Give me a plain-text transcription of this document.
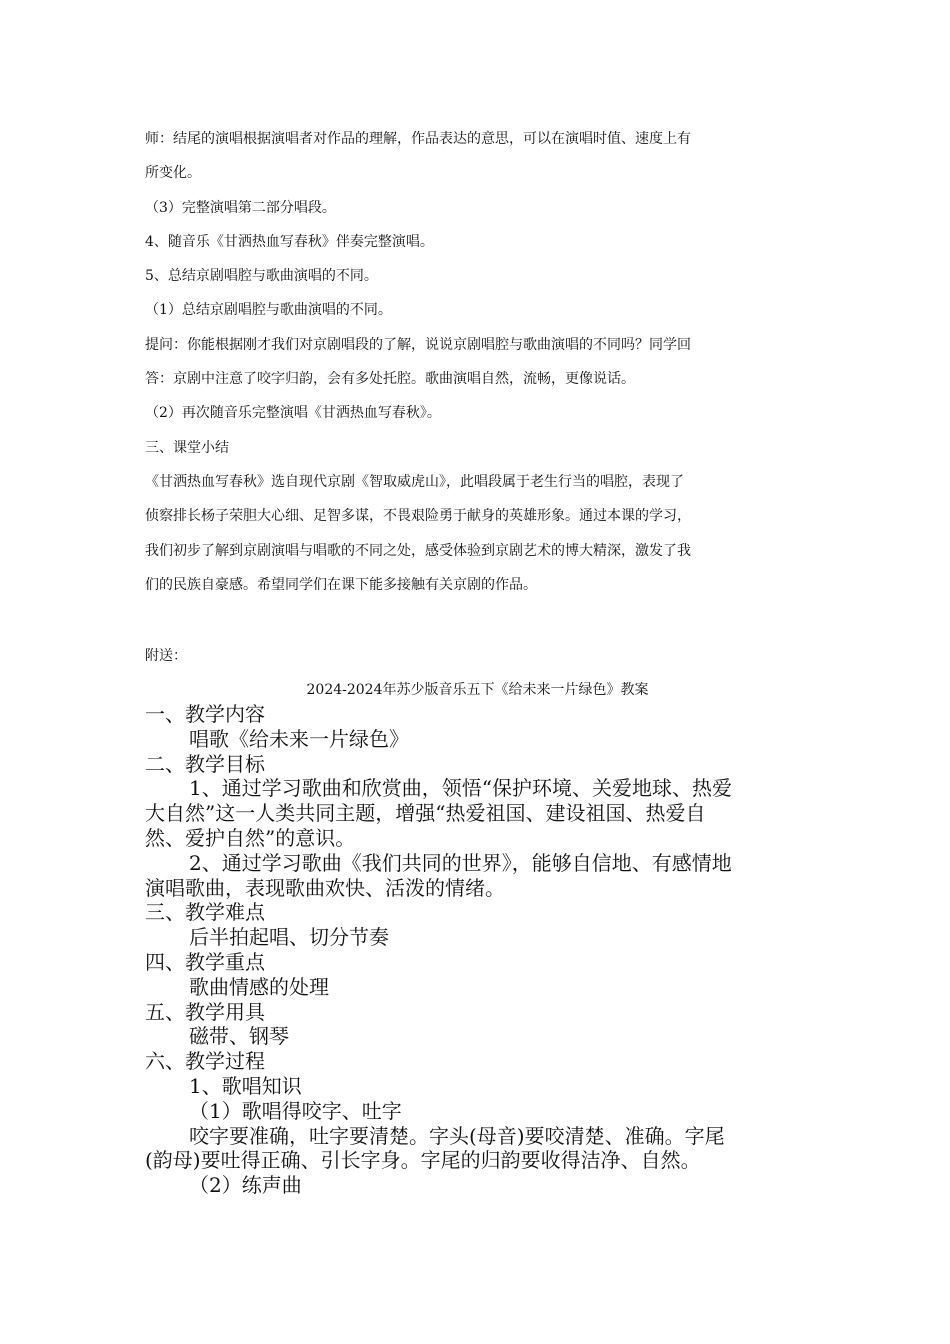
师：结尾的演唱根据演唱者对作品的理解，作品表达的意思，可以在演唱时值、速度上有

所变化。

（3）完整演唱第二部分唱段。

4、随音乐《甘洒热血写春秋》伴奏完整演唱。

5、总结京剧唱腔与歌曲演唱的不同。

（1）总结京剧唱腔与歌曲演唱的不同。

提问：你能根据刚才我们对京剧唱段的了解，说说京剧唱腔与歌曲演唱的不同吗？同学回

答：京剧中注意了咬字归韵，会有多处托腔。歌曲演唱自然，流畅，更像说话。

（2）再次随音乐完整演唱《甘洒热血写春秋》。

三、课堂小结

《甘洒热血写春秋》选自现代京剧《智取威虎山》，此唱段属于老生行当的唱腔，表现了

侦察排长杨子荣胆大心细、足智多谋，不畏艰险勇于献身的英雄形象。通过本课的学习，

我们初步了解到京剧演唱与唱歌的不同之处，感受体验到京剧艺术的博大精深，激发了我

们的民族自豪感。希望同学们在课下能多接触有关京剧的作品。

附送：

2024-2024年苏少版音乐五下《给未来一片绿色》教案

一、教学内容

唱歌《给未来一片绿色》

二、教学目标

1、通过学习歌曲和欣赏曲，领悟“保护环境、关爱地球、热爱

大自然”这一人类共同主题，增强“热爱祖国、建设祖国、热爱自

然、爱护自然”的意识。

2、通过学习歌曲《我们共同的世界》，能够自信地、有感情地

演唱歌曲，表现歌曲欢快、活泼的情绪。

三、教学难点

后半拍起唱、切分节奏

四、教学重点

歌曲情感的处理

五、教学用具

磁带、钢琴

六、教学过程

1、歌唱知识

（1）歌唱得咬字、吐字

咬字要准确，吐字要清楚。字头(母音)要咬清楚、准确。字尾

(韵母)要吐得正确、引长字身。字尾的归韵要收得洁净、自然。

（2）练声曲
